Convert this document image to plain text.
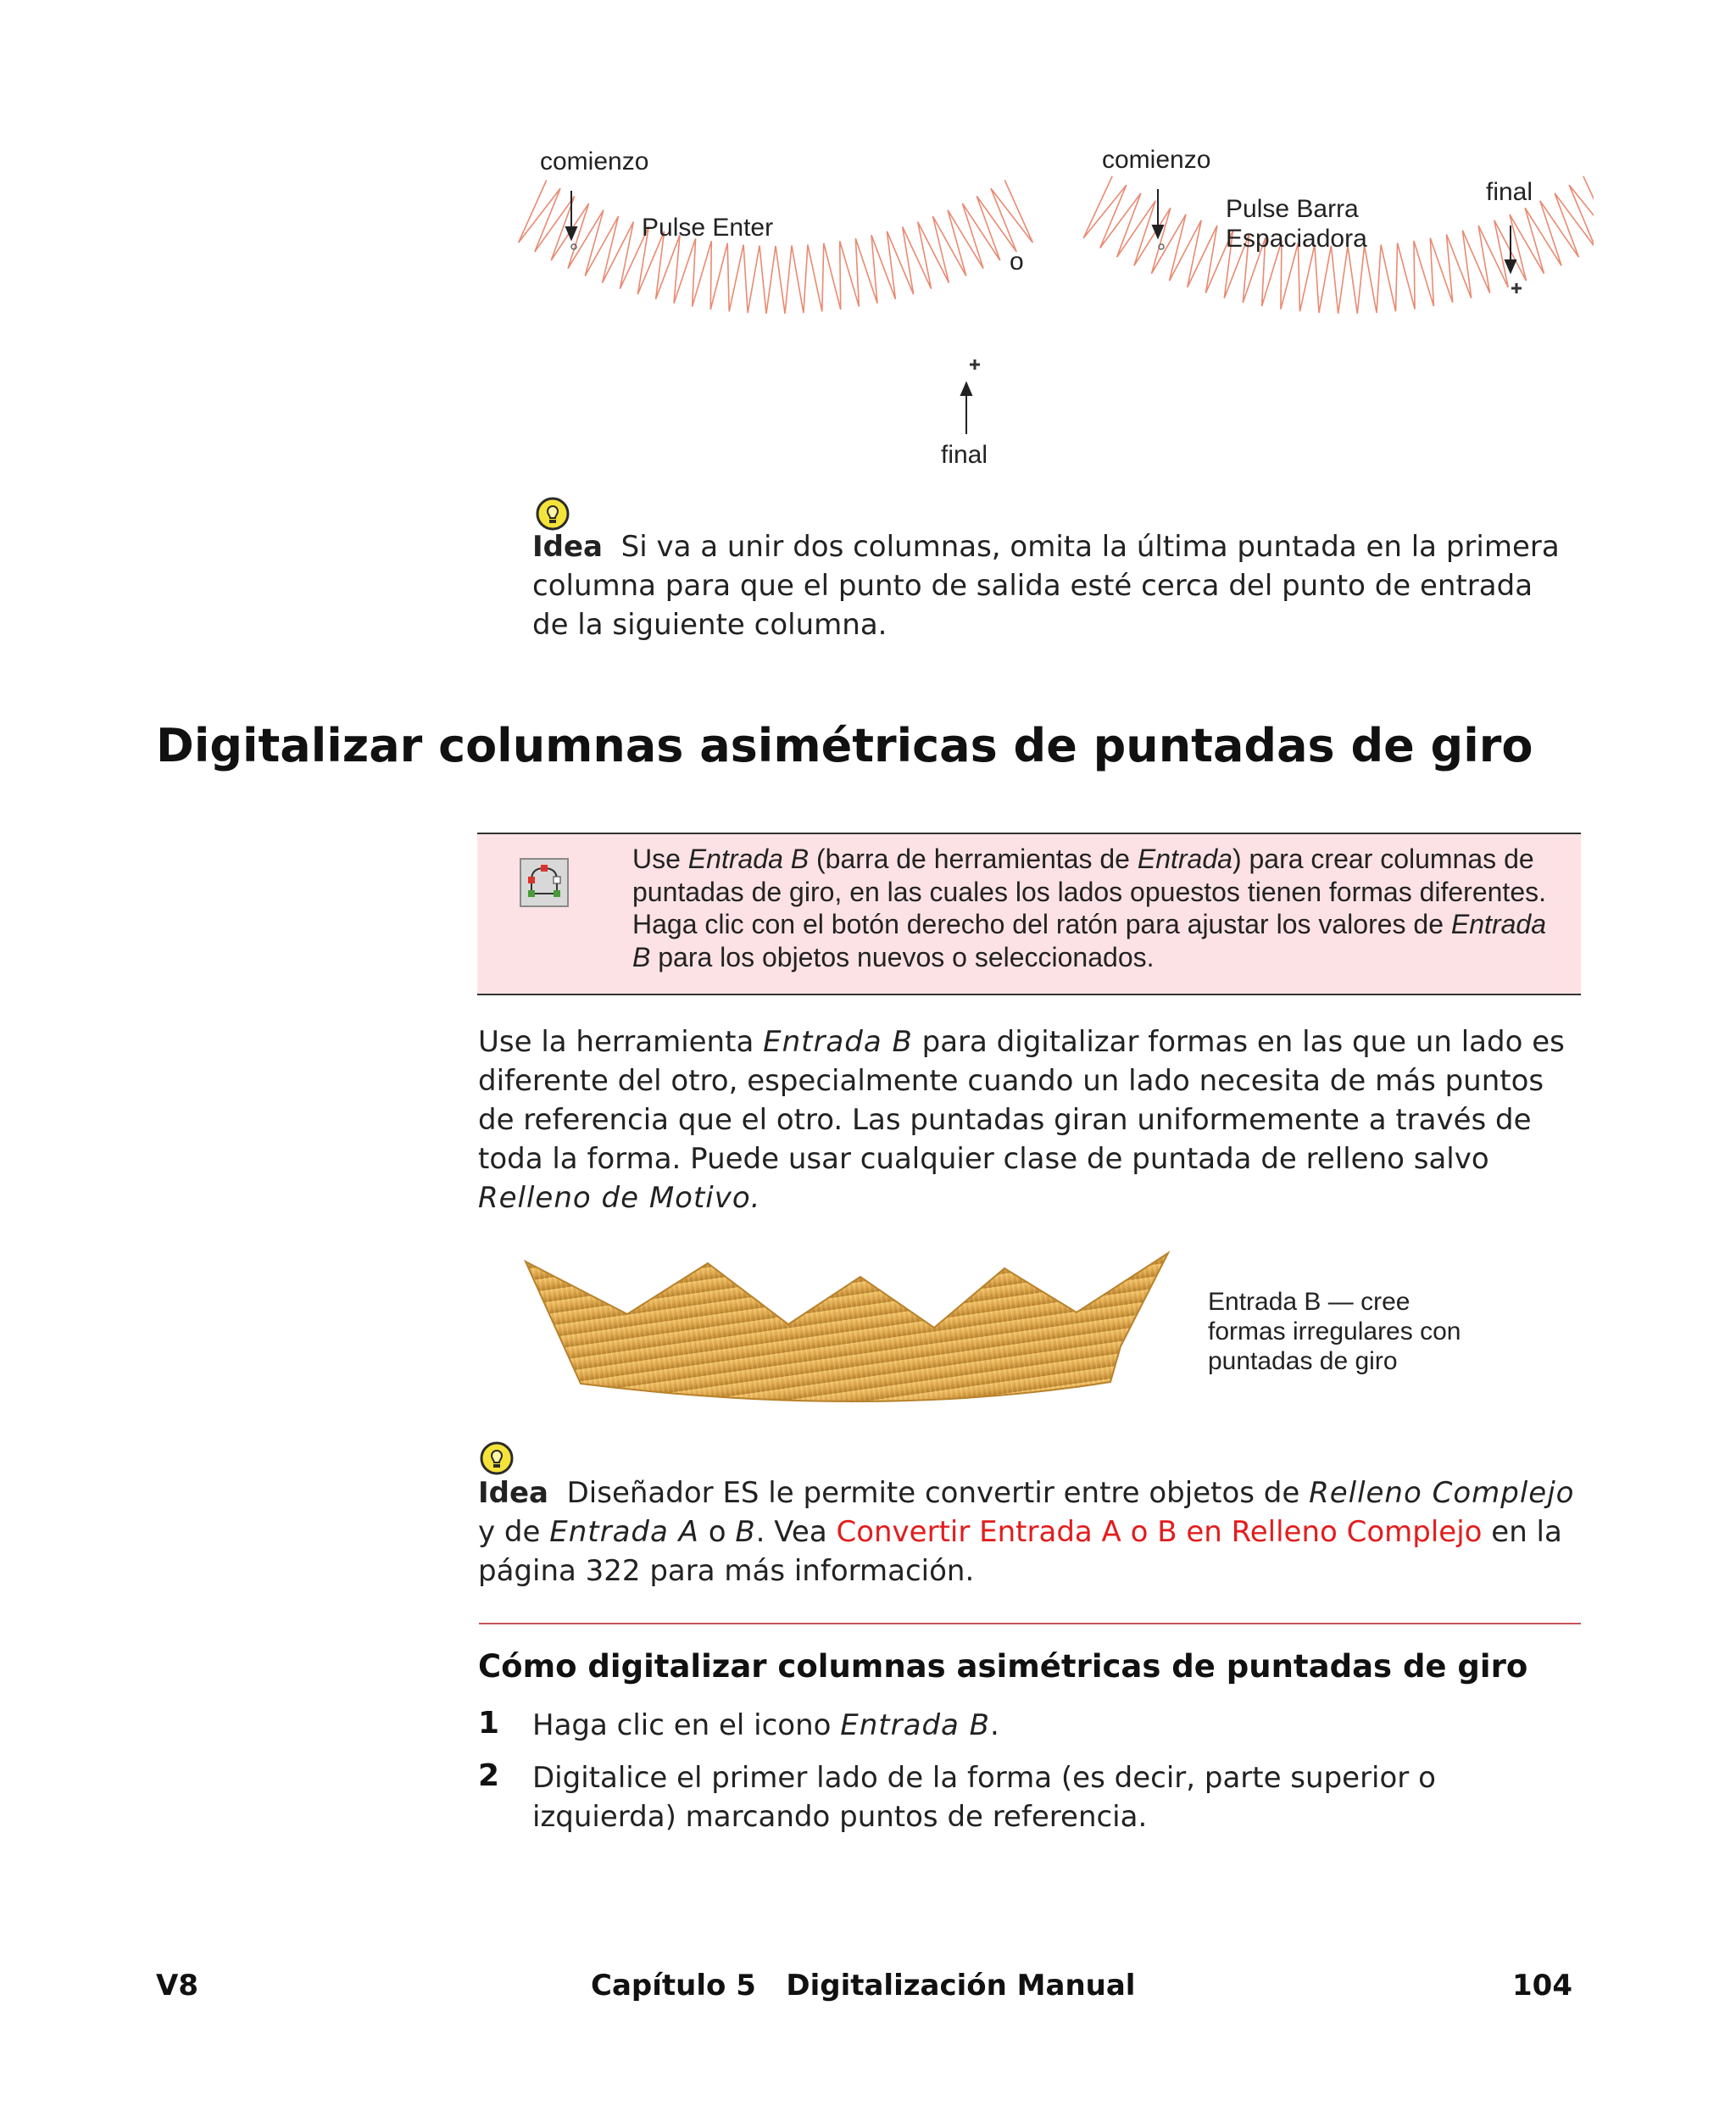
comienzo
Pulse Enter
final
o
comienzo
Pulse Barra
Espaciadora
final
Idea Si va a unir dos columnas, omita la última puntada en la primera columna para que el punto de salida esté cerca del punto de entrada de la siguiente columna.
Digitalizar columnas asimétricas de puntadas de giro
Use Entrada B (barra de herramientas de Entrada) para crear columnas de puntadas de giro, en las cuales los lados opuestos tienen formas diferentes. Haga clic con el botón derecho del ratón para ajustar los valores de Entrada B para los objetos nuevos o seleccionados.
Use la herramienta Entrada B para digitalizar formas en las que un lado es diferente del otro, especialmente cuando un lado necesita de más puntos de referencia que el otro. Las puntadas giran uniformemente a través de toda la forma. Puede usar cualquier clase de puntada de relleno salvo Relleno de Motivo.
Entrada B — cree
formas irregulares con
puntadas de giro
Idea Diseñador ES le permite convertir entre objetos de Relleno Complejo y de Entrada A o B. Vea Convertir Entrada A o B en Relleno Complejo en la página 322 para más información.
Cómo digitalizar columnas asimétricas de puntadas de giro
1 Haga clic en el icono Entrada B.
2 Digitalice el primer lado de la forma (es decir, parte superior o izquierda) marcando puntos de referencia.
V8	Capítulo 5   Digitalización Manual	104
